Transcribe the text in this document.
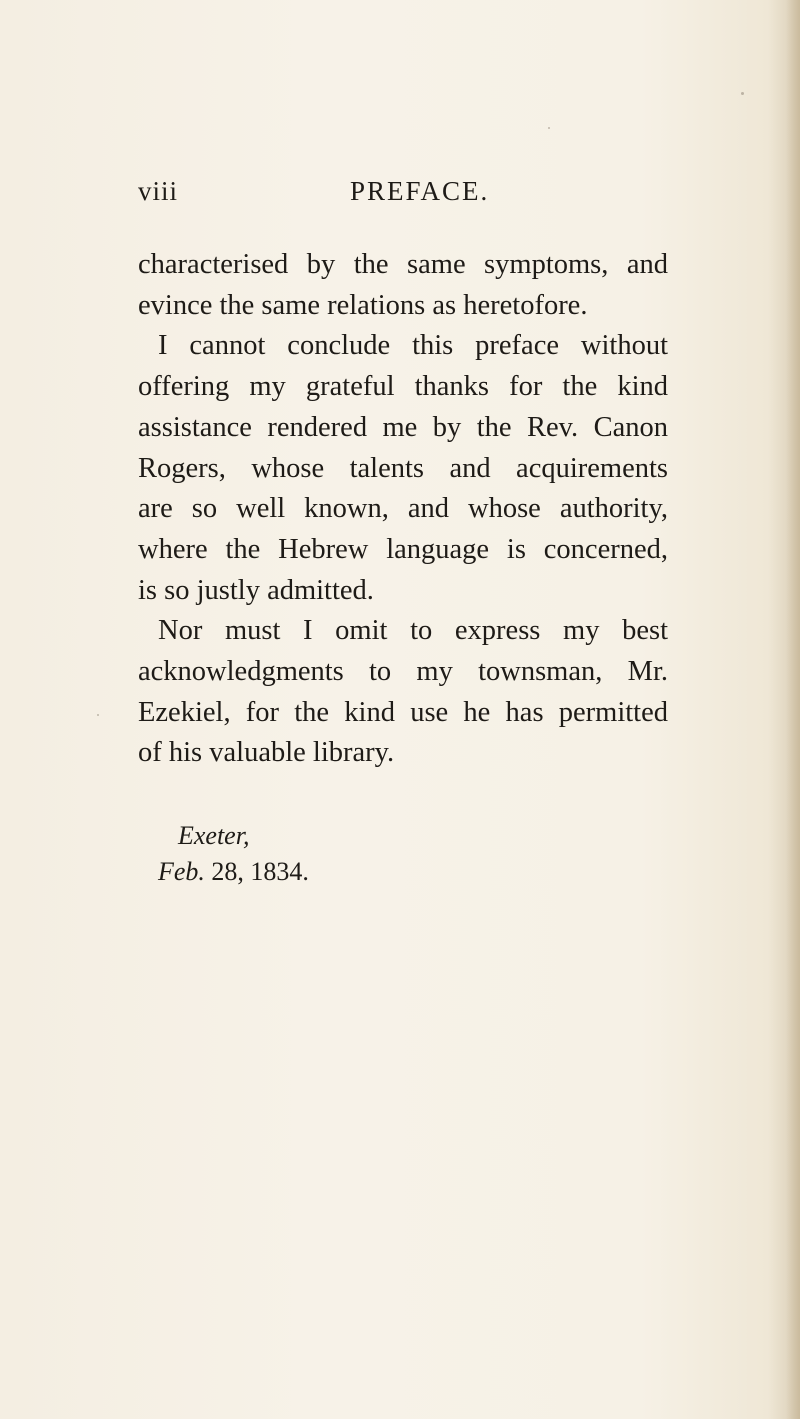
viii	PREFACE.
characterised by the same symptoms, and
evince the same relations as heretofore.
I cannot conclude this preface without
offering my grateful thanks for the kind
assistance rendered me by the Rev. Canon
Rogers, whose talents and acquirements
are so well known, and whose authority,
where the Hebrew language is concerned,
is so justly admitted.
Nor must I omit to express my best
acknowledgments to my townsman, Mr.
Ezekiel, for the kind use he has permitted
of his valuable library.
Exeter,
Feb. 28, 1834.
